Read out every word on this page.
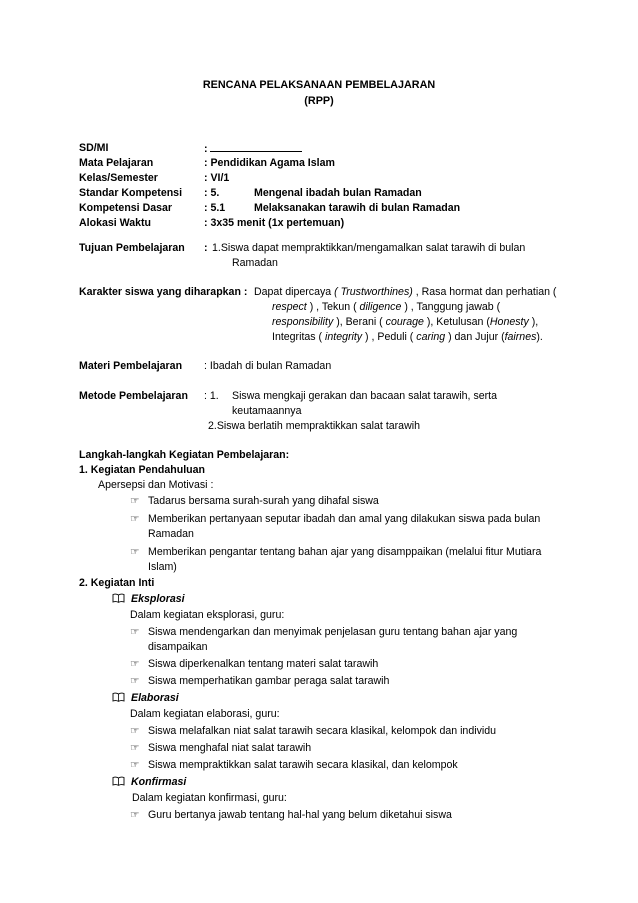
RENCANA PELAKSANAAN PEMBELAJARAN
(RPP)
SD/MI	:
Mata Pelajaran	: Pendidikan Agama Islam
Kelas/Semester	: VI/1
Standar Kompetensi : 5.	Mengenal ibadah bulan Ramadan
Kompetensi Dasar	: 5.1	Melaksanakan tarawih di bulan Ramadan
Alokasi Waktu	: 3x35 menit (1x pertemuan)
Tujuan Pembelajaran : 1.Siswa dapat mempraktikkan/mengamalkan salat tarawih di bulan
Ramadan
Karakter siswa yang diharapkan : Dapat dipercaya ( Trustworthines) , Rasa hormat dan perhatian (
respect ) , Tekun ( diligence ) , Tanggung jawab (
responsibility ), Berani ( courage ), Ketulusan (Honesty ),
Integritas ( integrity ) , Peduli ( caring ) dan Jujur (fairnes).
Materi Pembelajaran : Ibadah di bulan Ramadan
Metode Pembelajaran : 1. Siswa mengkaji gerakan dan bacaan salat tarawih, serta
keutamaannya
2.Siswa berlatih mempraktikkan salat tarawih
Langkah-langkah Kegiatan Pembelajaran:
1. Kegiatan Pendahuluan
Apersepsi dan Motivasi :
☞ Tadarus bersama surah-surah yang dihafal siswa
☞ Memberikan pertanyaan seputar ibadah dan amal yang dilakukan siswa pada bulan
Ramadan
☞ Memberikan pengantar tentang bahan ajar yang disamppaikan (melalui fitur Mutiara
Islam)
2. Kegiatan Inti
Eksplorasi
Dalam kegiatan eksplorasi, guru:
☞ Siswa mendengarkan dan menyimak penjelasan guru tentang bahan ajar yang
disampaikan
☞ Siswa diperkenalkan tentang materi salat tarawih
☞ Siswa memperhatikan gambar peraga salat tarawih
Elaborasi
Dalam kegiatan elaborasi, guru:
☞ Siswa melafalkan niat salat tarawih secara klasikal, kelompok dan individu
☞ Siswa menghafal niat salat tarawih
☞ Siswa mempraktikkan salat tarawih secara klasikal, dan kelompok
Konfirmasi
Dalam kegiatan konfirmasi, guru:
☞ Guru bertanya jawab tentang hal-hal yang belum diketahui siswa
